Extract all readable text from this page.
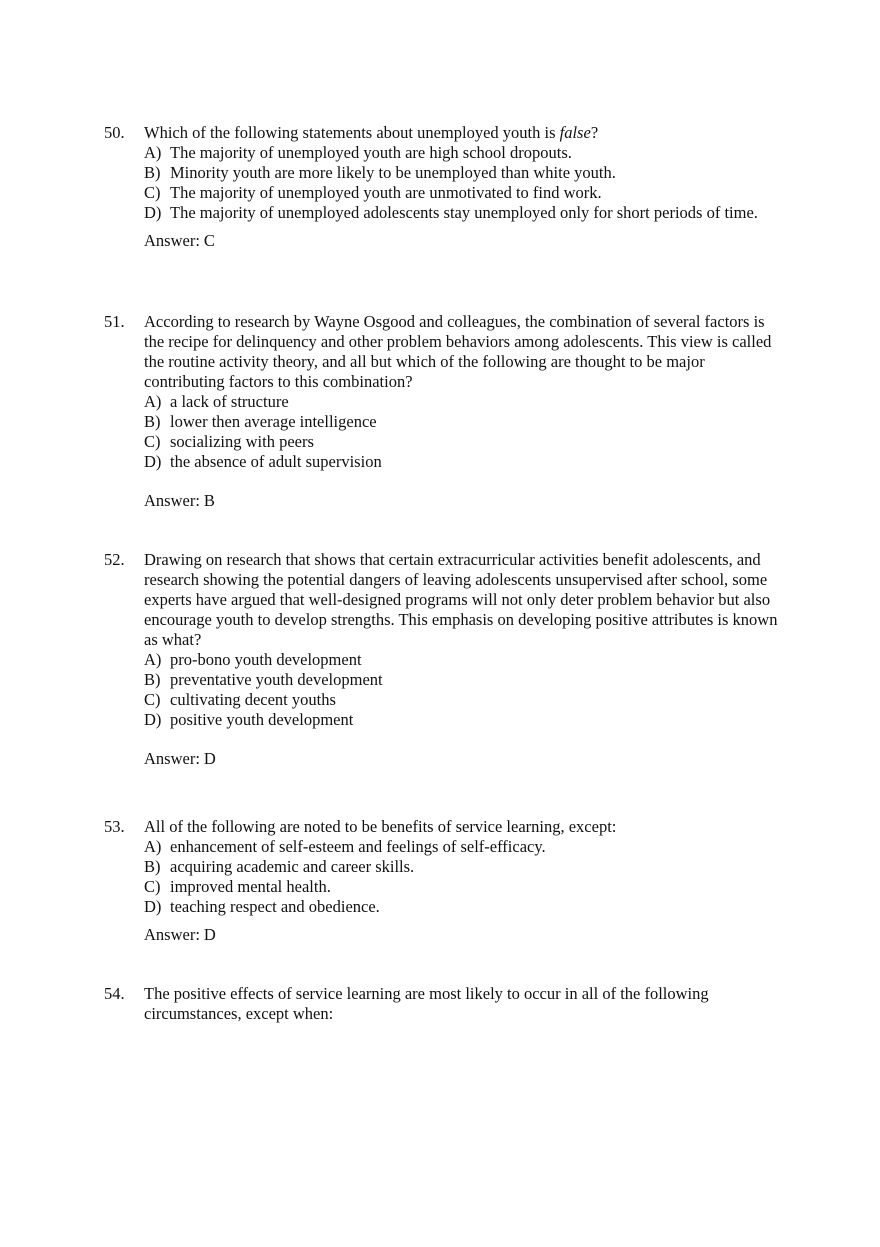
50. Which of the following statements about unemployed youth is false?
A) The majority of unemployed youth are high school dropouts.
B) Minority youth are more likely to be unemployed than white youth.
C) The majority of unemployed youth are unmotivated to find work.
D) The majority of unemployed adolescents stay unemployed only for short periods of time.
Answer: C
51. According to research by Wayne Osgood and colleagues, the combination of several factors is the recipe for delinquency and other problem behaviors among adolescents. This view is called the routine activity theory, and all but which of the following are thought to be major contributing factors to this combination?
A) a lack of structure
B) lower then average intelligence
C) socializing with peers
D) the absence of adult supervision
Answer: B
52. Drawing on research that shows that certain extracurricular activities benefit adolescents, and research showing the potential dangers of leaving adolescents unsupervised after school, some experts have argued that well-designed programs will not only deter problem behavior but also encourage youth to develop strengths. This emphasis on developing positive attributes is known as what?
A) pro-bono youth development
B) preventative youth development
C) cultivating decent youths
D) positive youth development
Answer: D
53. All of the following are noted to be benefits of service learning, except:
A) enhancement of self-esteem and feelings of self-efficacy.
B) acquiring academic and career skills.
C) improved mental health.
D) teaching respect and obedience.
Answer: D
54. The positive effects of service learning are most likely to occur in all of the following circumstances, except when:
